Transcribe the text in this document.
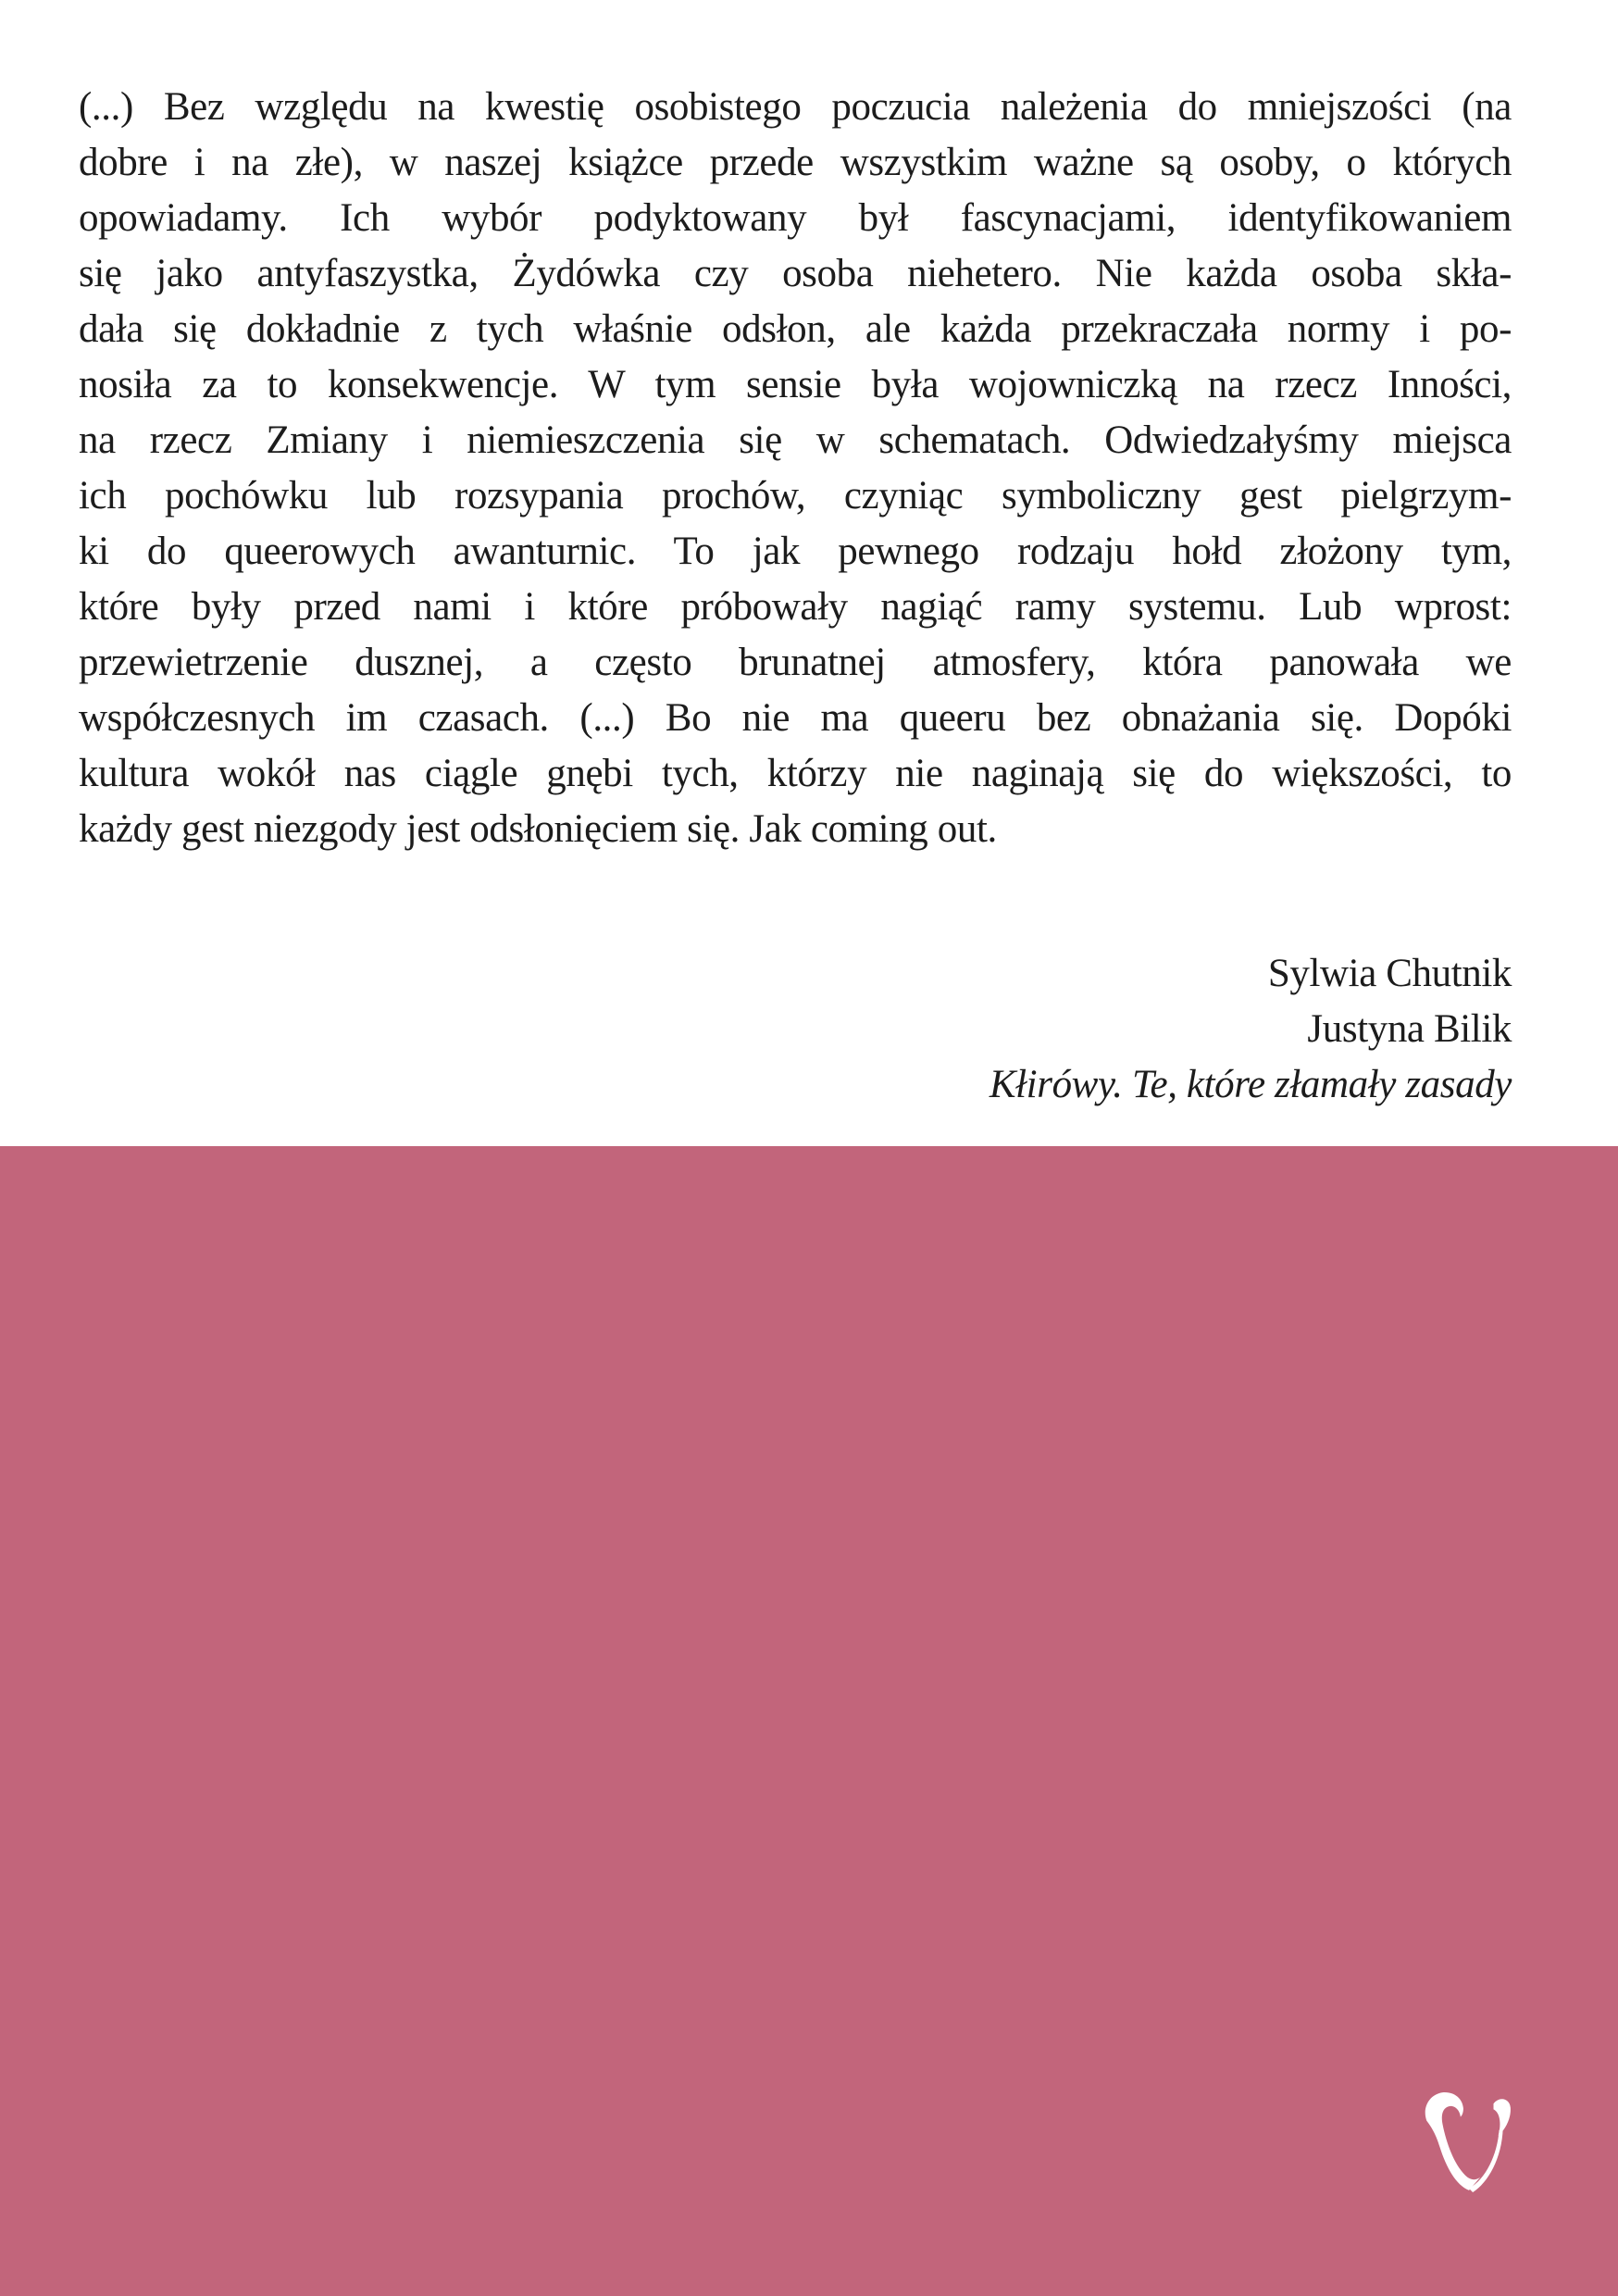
(...) Bez względu na kwestię osobistego poczucia należenia do mniejszości (na
dobre i na złe), w naszej książce przede wszystkim ważne są osoby, o których
opowiadamy. Ich wybór podyktowany był fascynacjami, identyfikowaniem
się jako antyfaszystka, Żydówka czy osoba niehetero. Nie każda osoba skła-
dała się dokładnie z tych właśnie odsłon, ale każda przekraczała normy i po-
nosiła za to konsekwencje. W tym sensie była wojowniczką na rzecz Inności,
na rzecz Zmiany i niemieszczenia się w schematach. Odwiedzałyśmy miejsca
ich pochówku lub rozsypania prochów, czyniąc symboliczny gest pielgrzym-
ki do queerowych awanturnic. To jak pewnego rodzaju hołd złożony tym,
które były przed nami i które próbowały nagiąć ramy systemu. Lub wprost:
przewietrzenie dusznej, a często brunatnej atmosfery, która panowała we
współczesnych im czasach. (...) Bo nie ma queeru bez obnażania się. Dopóki
kultura wokół nas ciągle gnębi tych, którzy nie naginają się do większości, to
każdy gest niezgody jest odsłonięciem się. Jak coming out.
Sylwia Chutnik
Justyna Bilik
Kłirówy. Te, które złamały zasady
